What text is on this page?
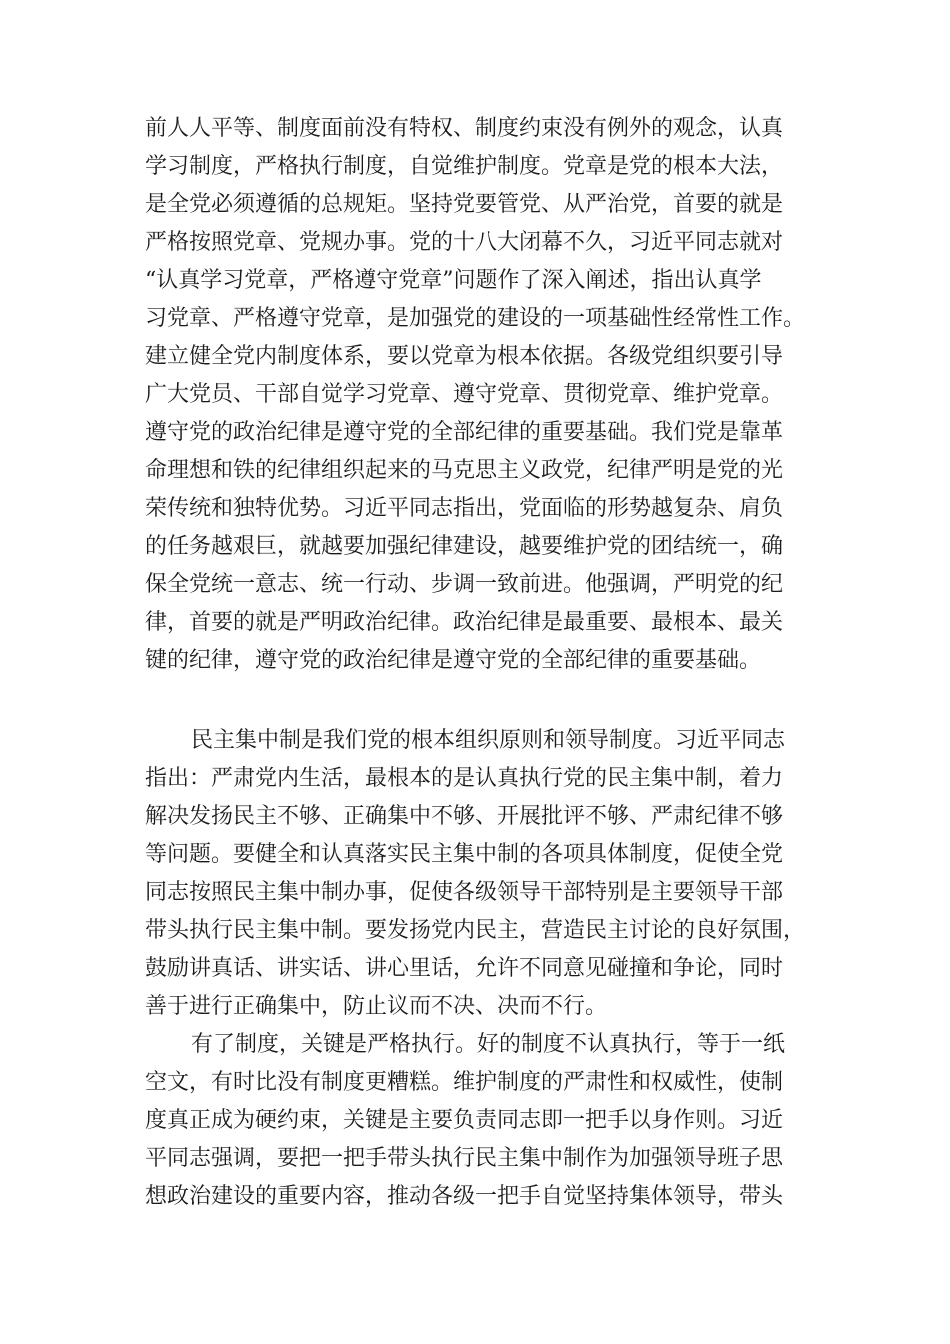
前人人平等、制度面前没有特权、制度约束没有例外的观念，认真
学习制度，严格执行制度，自觉维护制度。党章是党的根本大法，
是全党必须遵循的总规矩。坚持党要管党、从严治党，首要的就是
严格按照党章、党规办事。党的十八大闭幕不久，习近平同志就对
“认真学习党章，严格遵守党章”问题作了深入阐述，指出认真学
习党章、严格遵守党章，是加强党的建设的一项基础性经常性工作。
建立健全党内制度体系，要以党章为根本依据。各级党组织要引导
广大党员、干部自觉学习党章、遵守党章、贯彻党章、维护党章。
遵守党的政治纪律是遵守党的全部纪律的重要基础。我们党是靠革
命理想和铁的纪律组织起来的马克思主义政党，纪律严明是党的光
荣传统和独特优势。习近平同志指出，党面临的形势越复杂、肩负
的任务越艰巨，就越要加强纪律建设，越要维护党的团结统一，确
保全党统一意志、统一行动、步调一致前进。他强调，严明党的纪
律，首要的就是严明政治纪律。政治纪律是最重要、最根本、最关
键的纪律，遵守党的政治纪律是遵守党的全部纪律的重要基础。
民主集中制是我们党的根本组织原则和领导制度。习近平同志
指出：严肃党内生活，最根本的是认真执行党的民主集中制，着力
解决发扬民主不够、正确集中不够、开展批评不够、严肃纪律不够
等问题。要健全和认真落实民主集中制的各项具体制度，促使全党
同志按照民主集中制办事，促使各级领导干部特别是主要领导干部
带头执行民主集中制。要发扬党内民主，营造民主讨论的良好氛围，
鼓励讲真话、讲实话、讲心里话，允许不同意见碰撞和争论，同时
善于进行正确集中，防止议而不决、决而不行。
有了制度，关键是严格执行。好的制度不认真执行，等于一纸
空文，有时比没有制度更糟糕。维护制度的严肃性和权威性，使制
度真正成为硬约束，关键是主要负责同志即一把手以身作则。习近
平同志强调，要把一把手带头执行民主集中制作为加强领导班子思
想政治建设的重要内容，推动各级一把手自觉坚持集体领导，带头
